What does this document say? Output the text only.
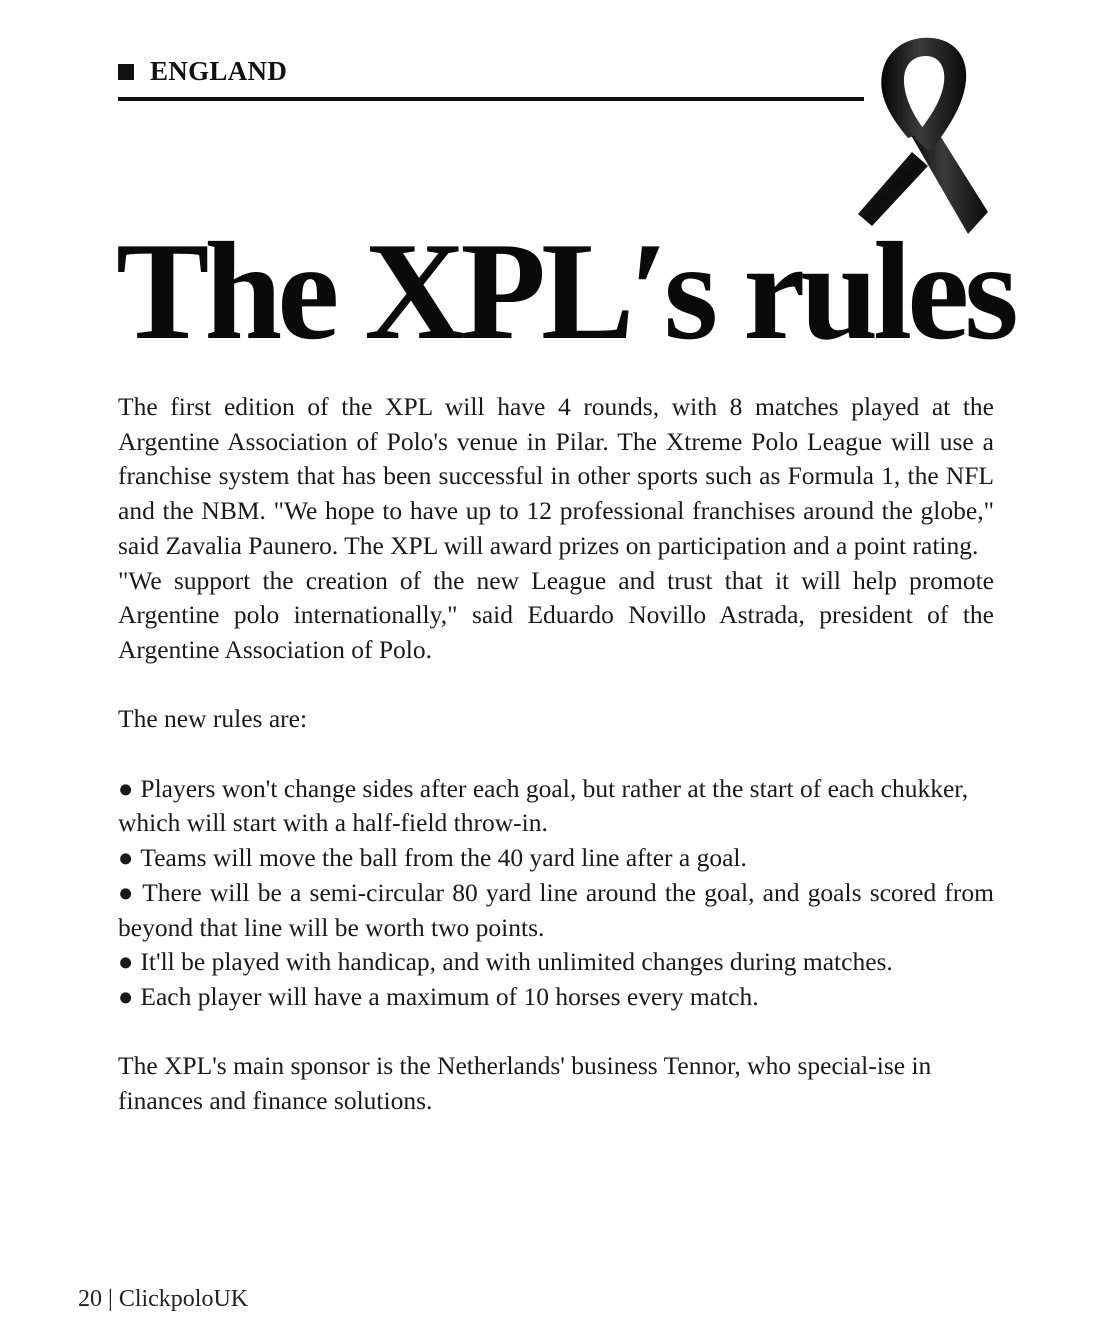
ENGLAND
The XPL′s rules

The first edition of the XPL will have 4 rounds, with 8 matches played at the Argentine Association of Polo's venue in Pilar. The Xtreme Polo League will use a franchise system that has been successful in other sports such as Formula 1, the NFL and the NBM. "We hope to have up to 12 professional franchises around the globe," said Zavalia Paunero. The XPL will award prizes on participation and a point rating.

"We support the creation of the new League and trust that it will help promote Argentine polo internationally," said Eduardo Novillo Astrada, president of the Argentine Association of Polo.

The new rules are:

● Players won't change sides after each goal, but rather at the start of each chukker, which will start with a half-field throw-in.
● Teams will move the ball from the 40 yard line after a goal.
● There will be a semi-circular 80 yard line around the goal, and goals scored from beyond that line will be worth two points.
● It'll be played with handicap, and with unlimited changes during matches.
● Each player will have a maximum of 10 horses every match.

The XPL's main sponsor is the Netherlands' business Tennor, who special-ise in finances and finance solutions.

20 | ClickpoloUK
